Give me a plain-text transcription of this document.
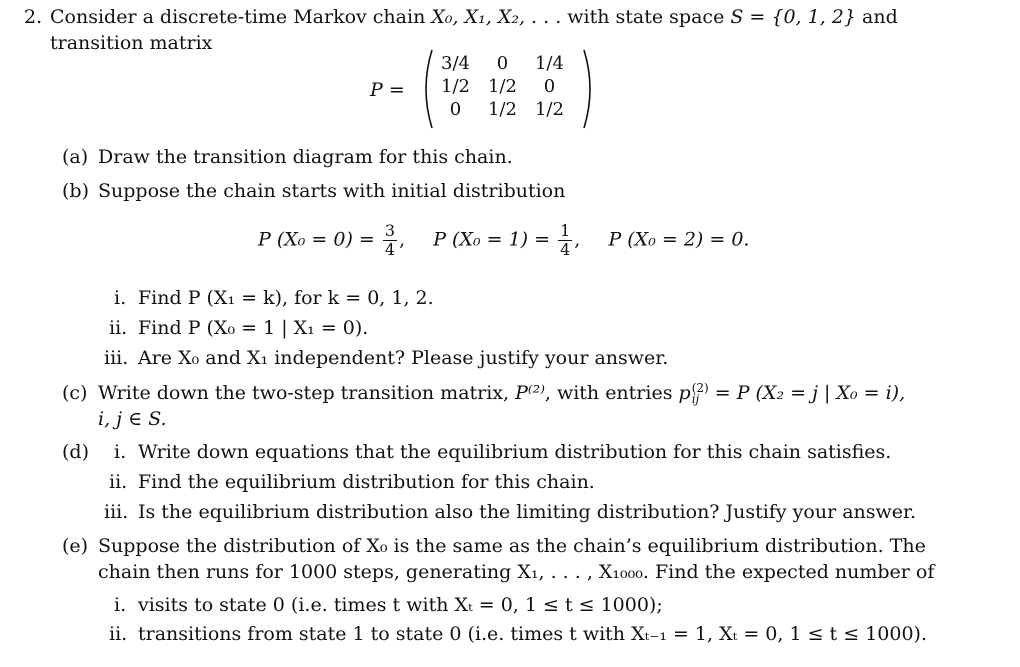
2. Consider a discrete-time Markov chain X₀, X₁, X₂, . . . with state space S = {0, 1, 2} and
transition matrix
P =
3/4	0	1/4
1/2	1/2	0
0	1/2	1/2
(a) Draw the transition diagram for this chain.
(b) Suppose the chain starts with initial distribution
P $(X_0 = 0) = \frac{3}{4}$ , P $(X_0 = 1) = \frac{1}{4}$ , P (X₀ = 2) = 0.
i. Find P (X₁ = k), for k = 0, 1, 2.
ii. Find P (X₀ = 1 | X₁ = 0).
iii. Are X₀ and X₁ independent? Please justify your answer.
(c) Write down the two-step transition matrix, P⁽²⁾, with entries p (2)
ij = P (X₂ = j | X₀ = i),
i, j ∈ S.
(d) i. Write down equations that the equilibrium distribution for this chain satisfies.
ii. Find the equilibrium distribution for this chain.
iii. Is the equilibrium distribution also the limiting distribution? Justify your answer.
(e) Suppose the distribution of X₀ is the same as the chain’s equilibrium distribution. The
chain then runs for 1000 steps, generating X₁, . . . , X₁₀₀₀. Find the expected number of
i. visits to state 0 (i.e. times t with Xₜ = 0, 1 ≤ t ≤ 1000);
ii. transitions from state 1 to state 0 (i.e. times t with Xₜ₋₁ = 1, Xₜ = 0, 1 ≤ t ≤ 1000).
